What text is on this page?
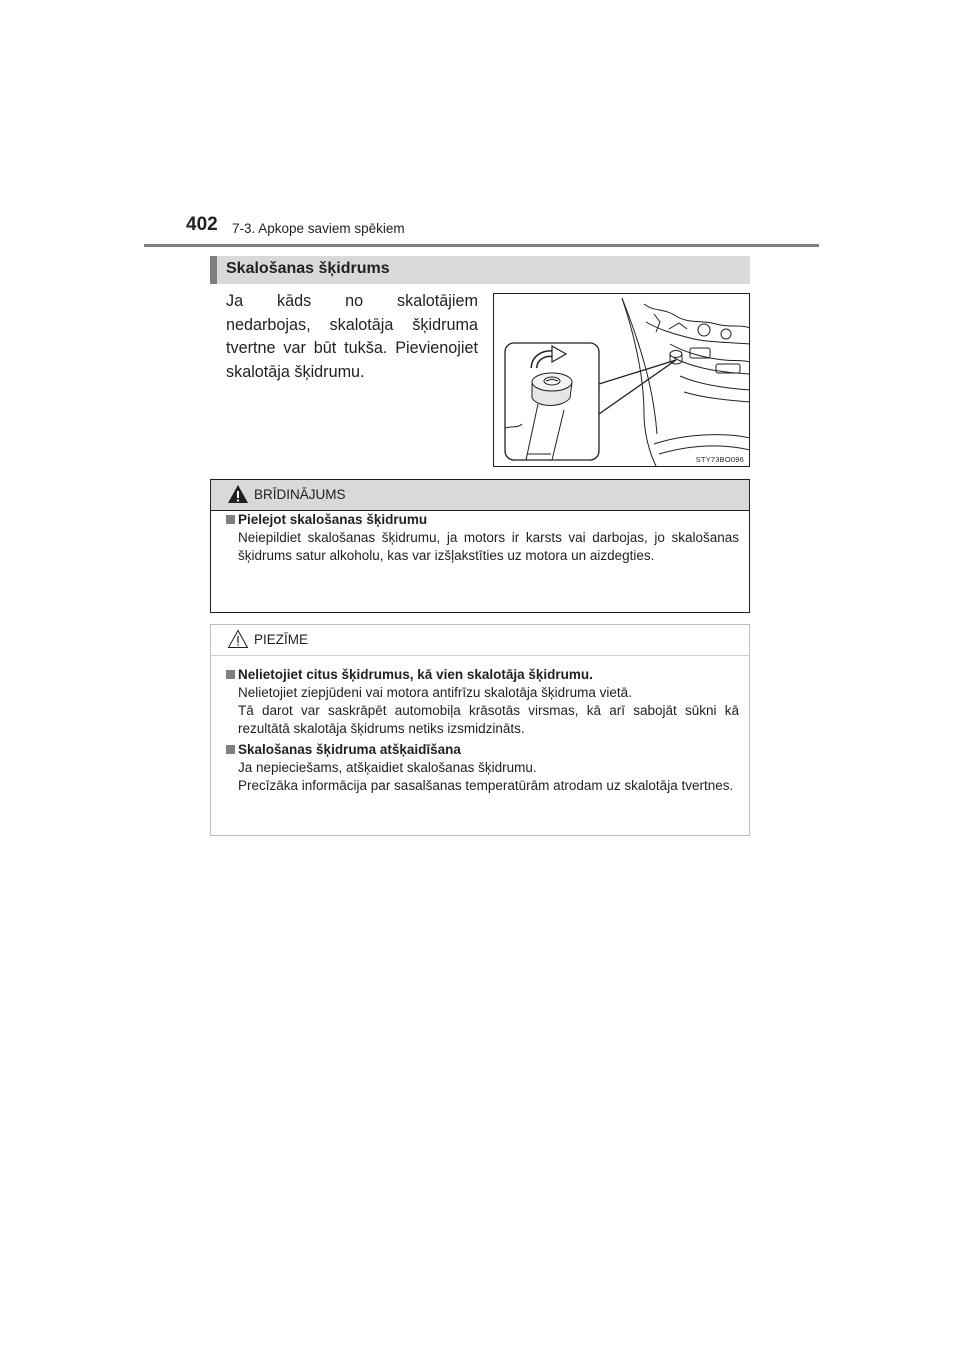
402 7-3. Apkope saviem spēkiem
Skalošanas šķidrums
Ja kāds no skalotājiem nedarbojas, skalotāja šķidruma tvertne var būt tukša. Pievienojiet skalotāja šķidrumu.
STY73BO096
BRĪDINĀJUMS
Pielejot skalošanas šķidrumu
Neiepildiet skalošanas šķidrumu, ja motors ir karsts vai darbojas, jo skalošanas šķidrums satur alkoholu, kas var izšļakstīties uz motora un aizdegties.
PIEZĪME
Nelietojiet citus šķidrumus, kā vien skalotāja šķidrumu.
Nelietojiet ziepjūdeni vai motora antifrīzu skalotāja šķidruma vietā.
Tā darot var saskrāpēt automobiļa krāsotās virsmas, kā arī sabojāt sūkni kā rezultātā skalotāja šķidrums netiks izsmidzināts.
Skalošanas šķidruma atšķaidīšana
Ja nepieciešams, atšķaidiet skalošanas šķidrumu.
Precīzāka informācija par sasalšanas temperatūrām atrodam uz skalotāja tvertnes.
